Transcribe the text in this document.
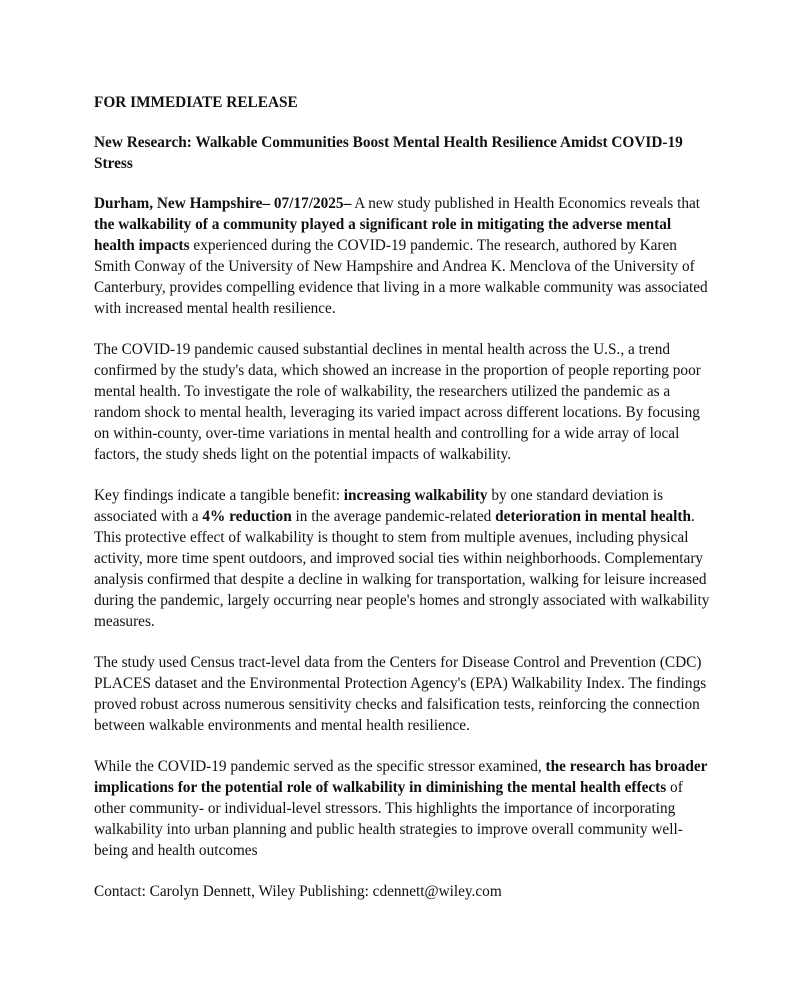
FOR IMMEDIATE RELEASE

New Research: Walkable Communities Boost Mental Health Resilience Amidst COVID-19 Stress

Durham, New Hampshire– 07/17/2025– A new study published in Health Economics reveals that the walkability of a community played a significant role in mitigating the adverse mental health impacts experienced during the COVID-19 pandemic. The research, authored by Karen Smith Conway of the University of New Hampshire and Andrea K. Menclova of the University of Canterbury, provides compelling evidence that living in a more walkable community was associated with increased mental health resilience.

The COVID-19 pandemic caused substantial declines in mental health across the U.S., a trend confirmed by the study's data, which showed an increase in the proportion of people reporting poor mental health. To investigate the role of walkability, the researchers utilized the pandemic as a random shock to mental health, leveraging its varied impact across different locations. By focusing on within-county, over-time variations in mental health and controlling for a wide array of local factors, the study sheds light on the potential impacts of walkability.

Key findings indicate a tangible benefit: increasing walkability by one standard deviation is associated with a 4% reduction in the average pandemic-related deterioration in mental health. This protective effect of walkability is thought to stem from multiple avenues, including physical activity, more time spent outdoors, and improved social ties within neighborhoods. Complementary analysis confirmed that despite a decline in walking for transportation, walking for leisure increased during the pandemic, largely occurring near people's homes and strongly associated with walkability measures.

The study used Census tract-level data from the Centers for Disease Control and Prevention (CDC) PLACES dataset and the Environmental Protection Agency's (EPA) Walkability Index. The findings proved robust across numerous sensitivity checks and falsification tests, reinforcing the connection between walkable environments and mental health resilience.

While the COVID-19 pandemic served as the specific stressor examined, the research has broader implications for the potential role of walkability in diminishing the mental health effects of other community- or individual-level stressors. This highlights the importance of incorporating walkability into urban planning and public health strategies to improve overall community well-being and health outcomes

Contact: Carolyn Dennett, Wiley Publishing: cdennett@wiley.com
